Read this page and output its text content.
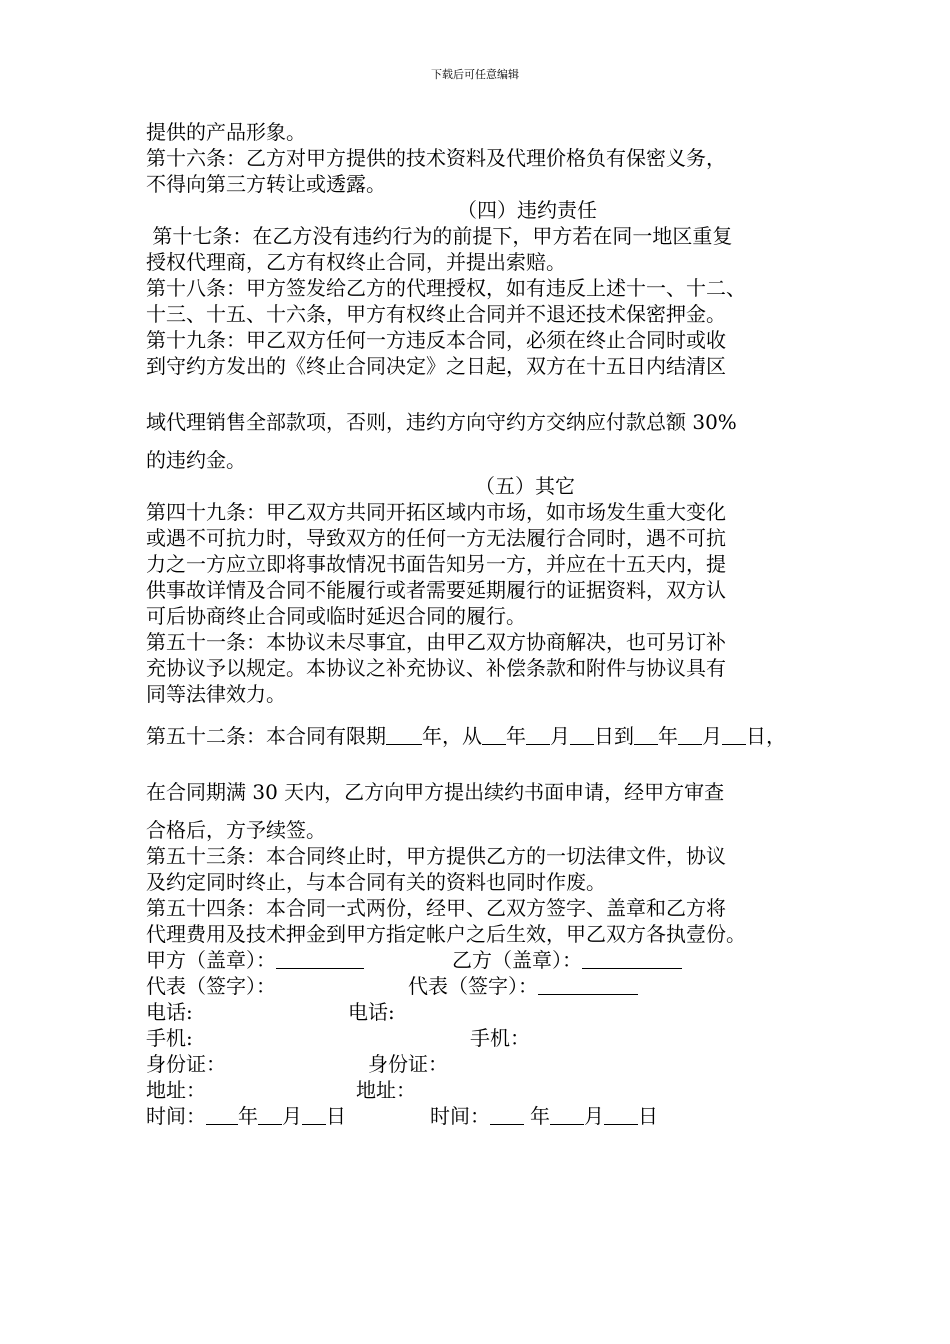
下载后可任意编辑

提供的产品形象。

第十六条：乙方对甲方提供的技术资料及代理价格负有保密义务，

不得向第三方转让或透露。

（四）违约责任

第十七条：在乙方没有违约行为的前提下，甲方若在同一地区重复

授权代理商，乙方有权终止合同，并提出索赔。

第十八条：甲方签发给乙方的代理授权，如有违反上述十一、十二、

十三、十五、十六条，甲方有权终止合同并不退还技术保密押金。

第十九条：甲乙双方任何一方违反本合同，必须在终止合同时或收

到守约方发出的《终止合同决定》之日起，双方在十五日内结清区

域代理销售全部款项，否则，违约方向守约方交纳应付款总额 30%

的违约金。

（五）其它

第四十九条：甲乙双方共同开拓区域内市场，如市场发生重大变化

或遇不可抗力时，导致双方的任何一方无法履行合同时，遇不可抗

力之一方应立即将事故情况书面告知另一方，并应在十五天内，提

供事故详情及合同不能履行或者需要延期履行的证据资料，双方认

可后协商终止合同或临时延迟合同的履行。

第五十一条：本协议未尽事宜，由甲乙双方协商解决，也可另订补

充协议予以规定。本协议之补充协议、补偿条款和附件与协议具有

同等法律效力。

第五十二条：本合同有限期 年，从 年 月 日到 年 月 日，

在合同期满 30 天内，乙方向甲方提出续约书面申请，经甲方审查

合格后，方予续签。

第五十三条：本合同终止时，甲方提供乙方的一切法律文件，协议

及约定同时终止，与本合同有关的资料也同时作废。

第五十四条：本合同一式两份，经甲、乙双方签字、盖章和乙方将

代理费用及技术押金到甲方指定帐户之后生效，甲乙双方各执壹份。

甲方（盖章）：	乙方（盖章）：
代表（签字）：	代表（签字）：
电话:	电话:
手机:	手机：
身份证：	身份证：
地址：	地址：
时间： 年 月 日	时间： 年 月 日
